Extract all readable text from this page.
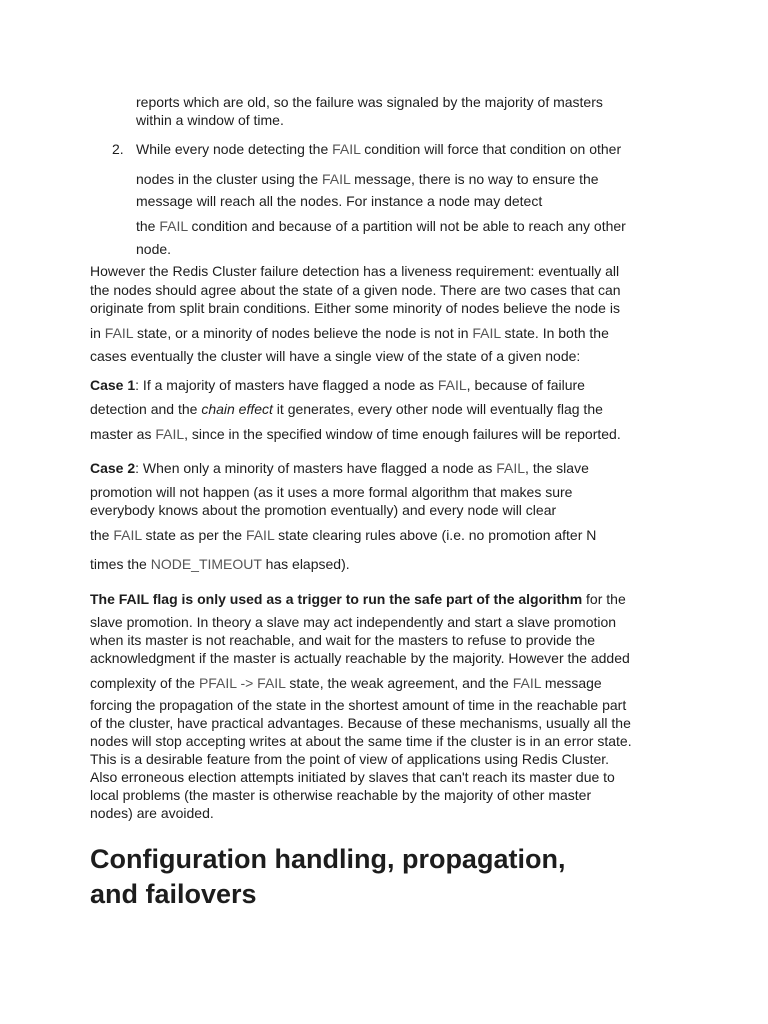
reports which are old, so the failure was signaled by the majority of masters
within a window of time.
2. While every node detecting the FAIL condition will force that condition on other
nodes in the cluster using the FAIL message, there is no way to ensure the
message will reach all the nodes. For instance a node may detect
the FAIL condition and because of a partition will not be able to reach any other
node.
However the Redis Cluster failure detection has a liveness requirement: eventually all
the nodes should agree about the state of a given node. There are two cases that can
originate from split brain conditions. Either some minority of nodes believe the node is
in FAIL state, or a minority of nodes believe the node is not in FAIL state. In both the
cases eventually the cluster will have a single view of the state of a given node:
Case 1: If a majority of masters have flagged a node as FAIL, because of failure
detection and the chain effect it generates, every other node will eventually flag the
master as FAIL, since in the specified window of time enough failures will be reported.
Case 2: When only a minority of masters have flagged a node as FAIL, the slave
promotion will not happen (as it uses a more formal algorithm that makes sure
everybody knows about the promotion eventually) and every node will clear
the FAIL state as per the FAIL state clearing rules above (i.e. no promotion after N
times the NODE_TIMEOUT has elapsed).
The FAIL flag is only used as a trigger to run the safe part of the algorithm for the
slave promotion. In theory a slave may act independently and start a slave promotion
when its master is not reachable, and wait for the masters to refuse to provide the
acknowledgment if the master is actually reachable by the majority. However the added
complexity of the PFAIL -> FAIL state, the weak agreement, and the FAIL message
forcing the propagation of the state in the shortest amount of time in the reachable part
of the cluster, have practical advantages. Because of these mechanisms, usually all the
nodes will stop accepting writes at about the same time if the cluster is in an error state.
This is a desirable feature from the point of view of applications using Redis Cluster.
Also erroneous election attempts initiated by slaves that can't reach its master due to
local problems (the master is otherwise reachable by the majority of other master
nodes) are avoided.
Configuration handling, propagation,
and failovers
